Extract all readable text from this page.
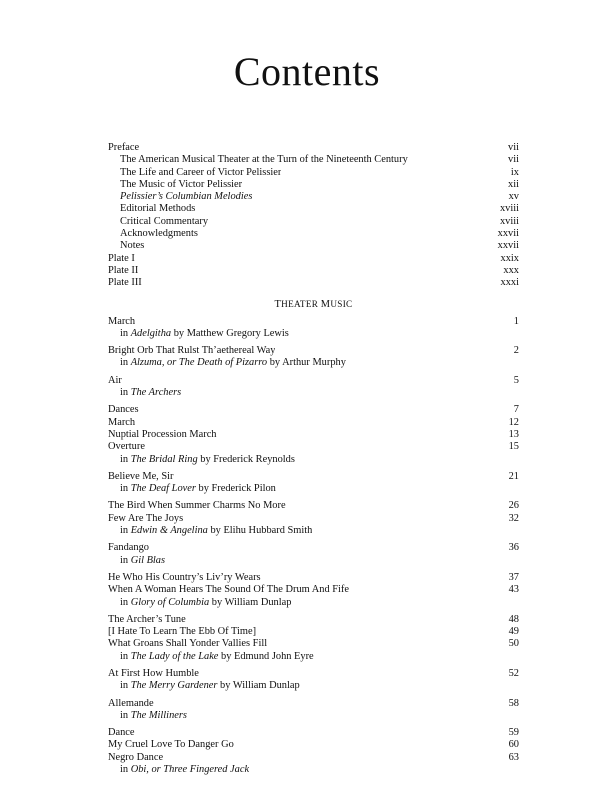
Contents
Preface	vii
The American Musical Theater at the Turn of the Nineteenth Century	vii
The Life and Career of Victor Pelissier	ix
The Music of Victor Pelissier	xii
Pelissier’s Columbian Melodies	xv
Editorial Methods	xviii
Critical Commentary	xviii
Acknowledgments	xxvii
Notes	xxvii
Plate I	xxix
Plate II	xxx
Plate III	xxxi
THEATER MUSIC
March	1
in Adelgitha by Matthew Gregory Lewis
Bright Orb That Rulst Th’aethereal Way	2
in Alzuma, or The Death of Pizarro by Arthur Murphy
Air	5
in The Archers
Dances	7
March	12
Nuptial Procession March	13
Overture	15
in The Bridal Ring by Frederick Reynolds
Believe Me, Sir	21
in The Deaf Lover by Frederick Pilon
The Bird When Summer Charms No More	26
Few Are The Joys	32
in Edwin & Angelina by Elihu Hubbard Smith
Fandango	36
in Gil Blas
He Who His Country’s Liv’ry Wears	37
When A Woman Hears The Sound Of The Drum And Fife	43
in Glory of Columbia by William Dunlap
The Archer’s Tune	48
[I Hate To Learn The Ebb Of Time]	49
What Groans Shall Yonder Vallies Fill	50
in The Lady of the Lake by Edmund John Eyre
At First How Humble	52
in The Merry Gardener by William Dunlap
Allemande	58
in The Milliners
Dance	59
My Cruel Love To Danger Go	60
Negro Dance	63
in Obi, or Three Fingered Jack
